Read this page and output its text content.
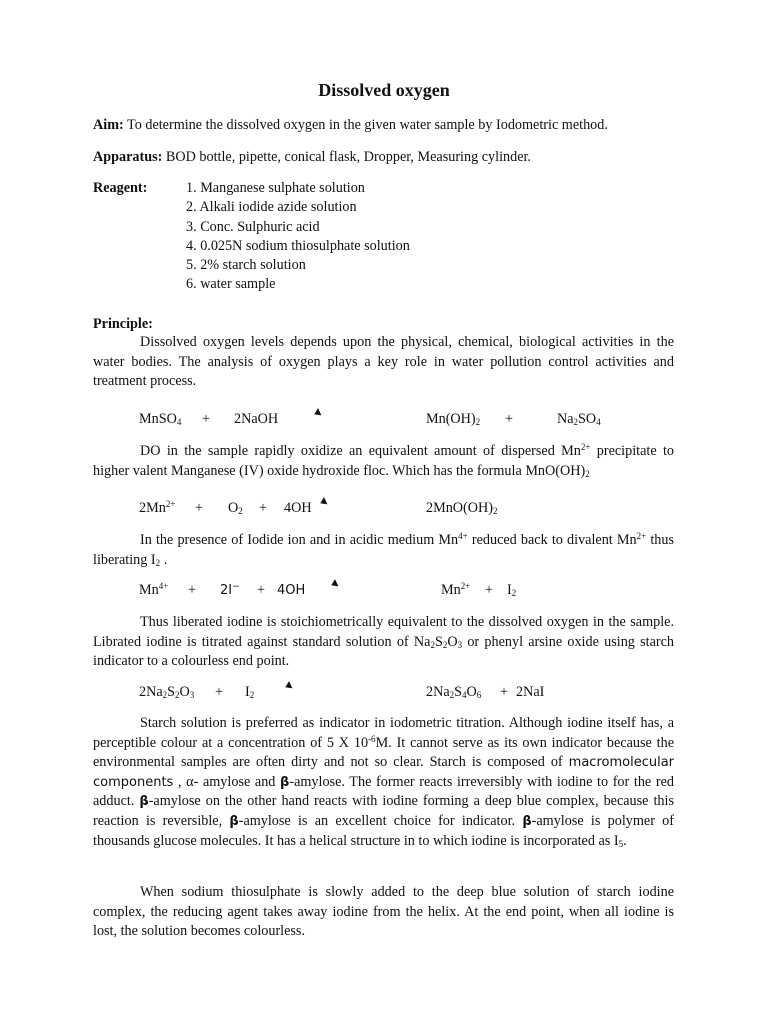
Dissolved oxygen
Aim: To determine the dissolved oxygen in the given water sample by Iodometric method.
Apparatus: BOD bottle, pipette, conical flask, Dropper, Measuring cylinder.
Reagent:	1. Manganese sulphate solution
2. Alkali iodide azide solution
3. Conc. Sulphuric acid
4. 0.025N sodium thiosulphate solution
5. 2% starch solution
6. water sample
Principle:
Dissolved oxygen levels depends upon the physical, chemical, biological activities in the water bodies. The analysis of oxygen plays a key role in water pollution control activities and treatment process.
MnSO$_4$ + 2NaOH	$Mn(OH)_2$ +	$Na_2SO_4$
DO in the sample rapidly oxidize an equivalent amount of dispersed $Mn^{2+}$ precipitate to higher valent Manganese (IV) oxide hydroxide floc. Which has the formula $MnO(OH)_2$
$2Mn^{2+} + O_2 + 4OH$	$2MnO(OH)_2$
In the presence of Iodide ion and in acidic medium $Mn^{4+}$ reduced back to divalent $Mn^{2+}$ thus liberating $I_2$ .
$Mn^{4+} + 2I^- + 4OH$	$Mn^{2+} + I_2$
Thus liberated iodine is stoichiometrically equivalent to the dissolved oxygen in the sample. Librated iodine is titrated against standard solution of $Na_2S_2O_3$ or phenyl arsine oxide using starch indicator to a colourless end point.
$2Na_2S_2O_3 + I_2$	$2Na_2S_4O_6 + 2NaI$
Starch solution is preferred as indicator in iodometric titration. Although iodine itself has, a perceptible colour at a concentration of 5 X $10^{-6}M$. It cannot serve as its own indicator because the environmental samples are often dirty and not so clear. Starch is composed of macromolecular components , α- amylose and β-amylose. The former reacts irreversibly with iodine to for the red adduct. β-amylose on the other hand reacts with iodine forming a deep blue complex, because this reaction is reversible, β-amylose is an excellent choice for indicator. β-amylose is polymer of thousands glucose molecules. It has a helical structure in to which iodine is incorporated as $I_5$.
When sodium thiosulphate is slowly added to the deep blue solution of starch iodine complex, the reducing agent takes away iodine from the helix. At the end point, when all iodine is lost, the solution becomes colourless.
